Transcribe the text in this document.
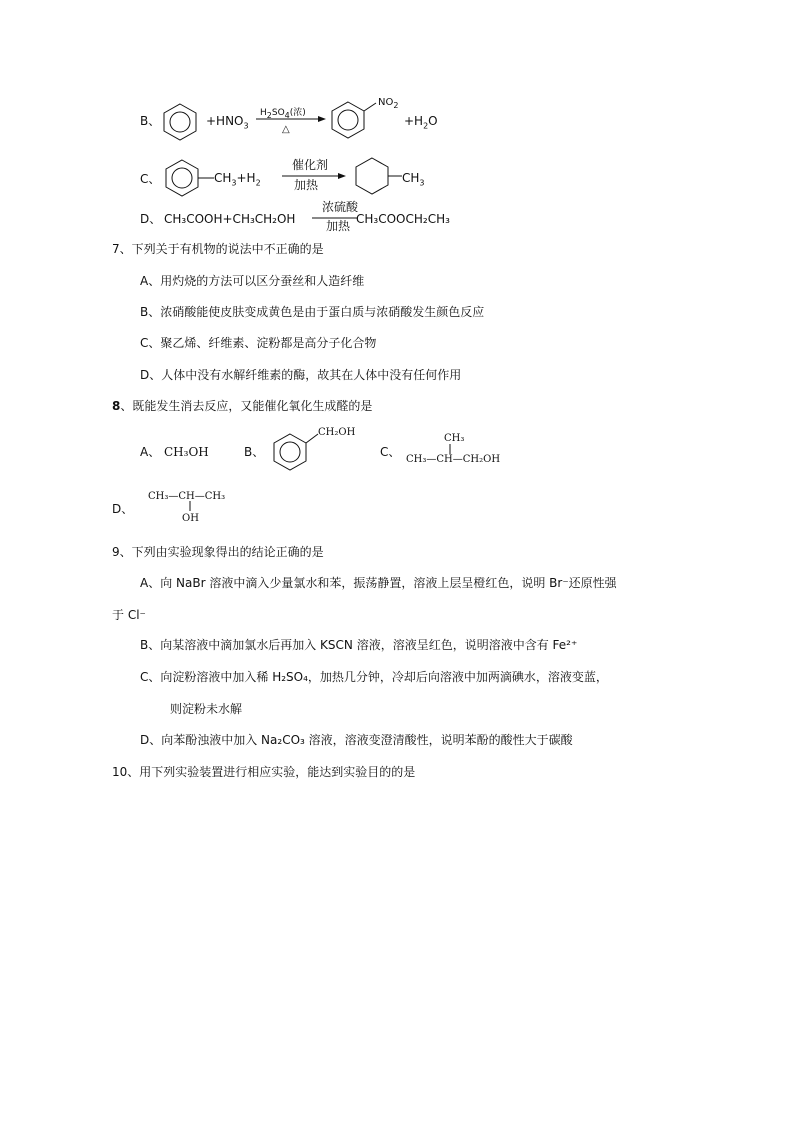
B、	$+HNO_3$
$H_2SO_4$(浓)
△
$NO_2$
$+H_2O$
C、	$CH_3+H_2$
催化剂
加热	$CH_3$
D、 CH₃COOH+CH₃CH₂OH
浓硫酸
加热 CH₃COOCH₂CH₃
7、下列关于有机物的说法中不正确的是
A、用灼烧的方法可以区分蚕丝和人造纤维
B、浓硝酸能使皮肤变成黄色是由于蛋白质与浓硝酸发生颜色反应
C、聚乙烯、纤维素、淀粉都是高分子化合物
D、人体中没有水解纤维素的酶，故其在人体中没有任何作用
8、既能发生消去反应，又能催化氧化生成醛的是
A、 CH₃OH	B、
CH₂OH
C、
CH₃
CH₃—CH—CH₂OH
D、
CH₃—CH—CH₃
OH
9、下列由实验现象得出的结论正确的是
A、向 NaBr 溶液中滴入少量氯水和苯，振荡静置，溶液上层呈橙红色，说明 Br⁻还原性强
于 Cl⁻
B、向某溶液中滴加氯水后再加入 KSCN 溶液，溶液呈红色，说明溶液中含有 Fe²⁺
C、向淀粉溶液中加入稀 H₂SO₄，加热几分钟，冷却后向溶液中加两滴碘水，溶液变蓝，
则淀粉未水解
D、向苯酚浊液中加入 Na₂CO₃ 溶液，溶液变澄清酸性，说明苯酚的酸性大于碳酸
10、用下列实验装置进行相应实验，能达到实验目的的是
